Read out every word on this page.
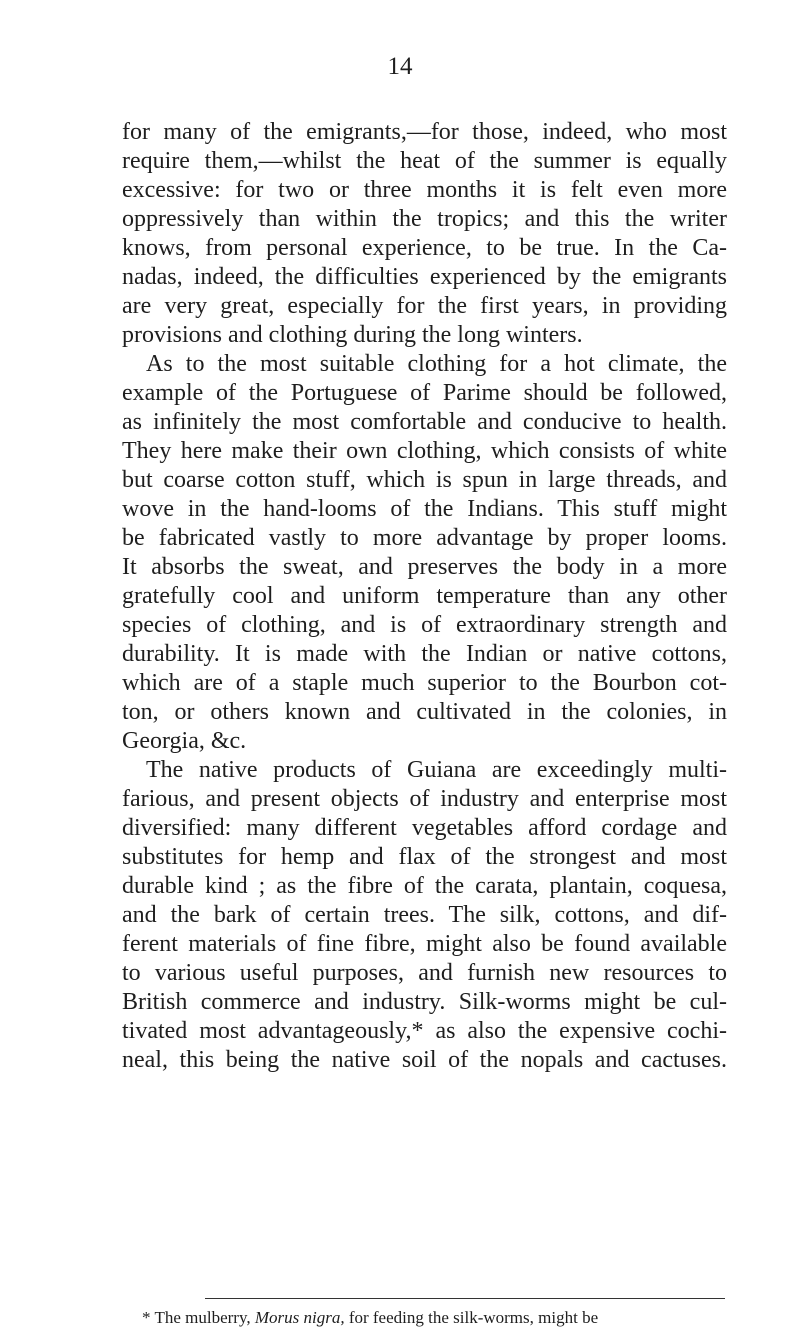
14
for many of the emigrants,—for those, indeed, who most
require them,—whilst the heat of the summer is equally
excessive: for two or three months it is felt even more
oppressively than within the tropics; and this the writer
knows, from personal experience, to be true. In the Ca-
nadas, indeed, the difficulties experienced by the emigrants
are very great, especially for the first years, in providing
provisions and clothing during the long winters.
As to the most suitable clothing for a hot climate, the
example of the Portuguese of Parime should be followed,
as infinitely the most comfortable and conducive to health.
They here make their own clothing, which consists of white
but coarse cotton stuff, which is spun in large threads, and
wove in the hand-looms of the Indians. This stuff might
be fabricated vastly to more advantage by proper looms.
It absorbs the sweat, and preserves the body in a more
gratefully cool and uniform temperature than any other
species of clothing, and is of extraordinary strength and
durability. It is made with the Indian or native cottons,
which are of a staple much superior to the Bourbon cot-
ton, or others known and cultivated in the colonies, in
Georgia, &c.
The native products of Guiana are exceedingly multi-
farious, and present objects of industry and enterprise most
diversified: many different vegetables afford cordage and
substitutes for hemp and flax of the strongest and most
durable kind ; as the fibre of the carata, plantain, coquesa,
and the bark of certain trees. The silk, cottons, and dif-
ferent materials of fine fibre, might also be found available
to various useful purposes, and furnish new resources to
British commerce and industry. Silk-worms might be cul-
tivated most advantageously,* as also the expensive cochi-
neal, this being the native soil of the nopals and cactuses.
* The mulberry, Morus nigra, for feeding the silk-worms, might be
